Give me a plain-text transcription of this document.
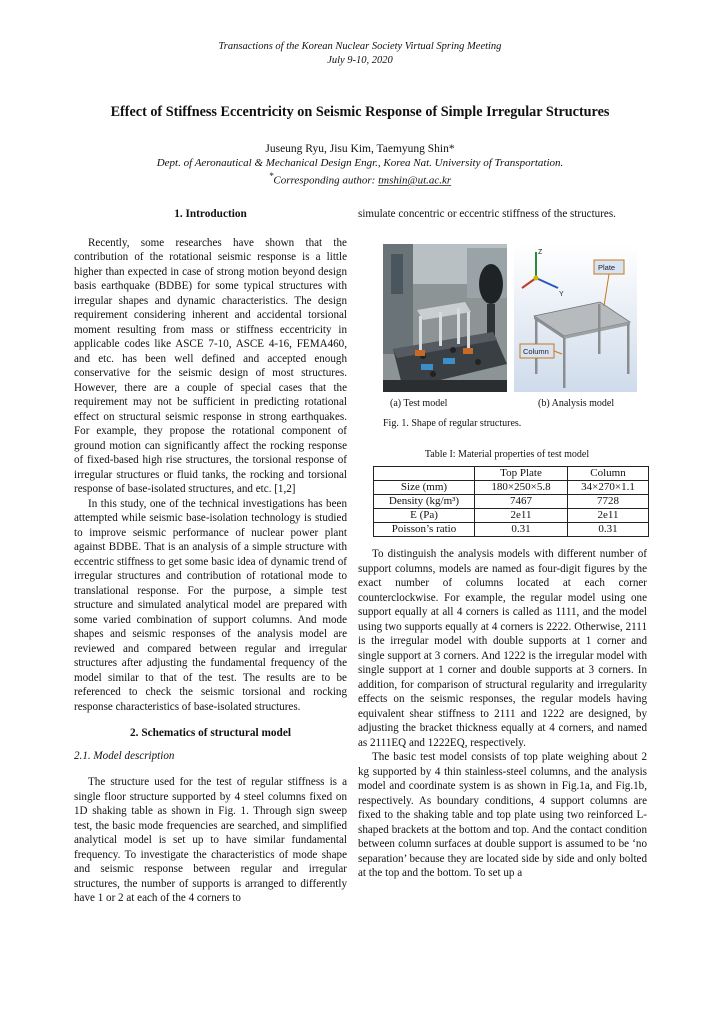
Transactions of the Korean Nuclear Society Virtual Spring Meeting
July 9-10, 2020
Effect of Stiffness Eccentricity on Seismic Response of Simple Irregular Structures
Juseung Ryu, Jisu Kim, Taemyung Shin*
Dept. of Aeronautical & Mechanical Design Engr., Korea Nat. University of Transportation.
*Corresponding author: tmshin@ut.ac.kr

1. Introduction

Recently, some researches have shown that the contribution of the rotational seismic response is a little higher than expected in case of strong motion beyond design basis earthquake (BDBE) for some typical structures with irregular shapes and dynamic characteristics. The design requirement considering inherent and accidental torsional moment resulting from mass or stiffness eccentricity in applicable codes like ASCE 7-10, ASCE 4-16, FEMA460, and etc. has been well defined and accepted enough conservative for the seismic design of most structures. However, there are a couple of special cases that the requirement may not be sufficient in predicting rotational effect on structural seismic response in strong earthquakes. For example, they propose the rotational component of ground motion can significantly affect the rocking response of fixed-based high rise structures, the torsional response of irregular structures or fluid tanks, the rocking and torsional response of base-isolated structures, and etc. [1,2]

In this study, one of the technical investigations has been attempted while seismic base-isolation technology is studied to improve seismic performance of nuclear power plant against BDBE. That is an analysis of a simple structure with eccentric stiffness to get some basic idea of dynamic trend of irregular structures and contribution of rotational mode to translational response. For the purpose, a simple test structure and simulated analytical model are prepared with some varied combination of support columns. And mode shapes and seismic responses of the analysis model are reviewed and compared between regular and irregular structures after adjusting the fundamental frequency of the model similar to that of the test. The results are to be referenced to check the seismic torsional and rocking response characteristics of base-isolated structures.

2. Schematics of structural model

2.1. Model description

The structure used for the test of regular stiffness is a single floor structure supported by 4 steel columns fixed on 1D shaking table as shown in Fig. 1. Through sign sweep test, the basic mode frequencies are searched, and simplified analytical model is set up to have similar fundamental frequency. To investigate the characteristics of mode shape and seismic response between regular and irregular structures, the number of supports is arranged to differently have 1 or 2 at each of the 4 corners to

simulate concentric or eccentric stiffness of the structures.

Z
Y
Plate
Column
(a) Test model	(b) Analysis model
Fig. 1. Shape of regular structures.
Table I: Material properties of test model
	Top Plate	Column
Size (mm)	180×250×5.8	34×270×1.1
Density (kg/m³)	7467	7728
E (Pa)	2e11	2e11
Poisson’s ratio	0.31	0.31

To distinguish the analysis models with different number of support columns, models are named as four-digit figures by the exact number of columns located at each corner counterclockwise. For example, the regular model using one support equally at all 4 corners is called as 1111, and the model using two supports equally at 4 corners is 2222. Otherwise, 2111 is the irregular model with double supports at 1 corner and single support at 3 corners. And 1222 is the irregular model with single support at 1 corner and double supports at 3 corners. In addition, for comparison of structural regularity and irregularity effects on the seismic responses, the regular models having equivalent shear stiffness to 2111 and 1222 are designed, by adjusting the bracket thickness equally at 4 corners, and named as 2111EQ and 1222EQ, respectively.

The basic test model consists of top plate weighing about 2 kg supported by 4 thin stainless-steel columns, and the analysis model and coordinate system is as shown in Fig.1a, and Fig.1b, respectively. As boundary conditions, 4 support columns are fixed to the shaking table and top plate using two reinforced L-shaped brackets at the bottom and top. And the contact condition between column surfaces at double support is assumed to be ‘no separation’ because they are located side by side and only bolted at the top and the bottom. To set up a
